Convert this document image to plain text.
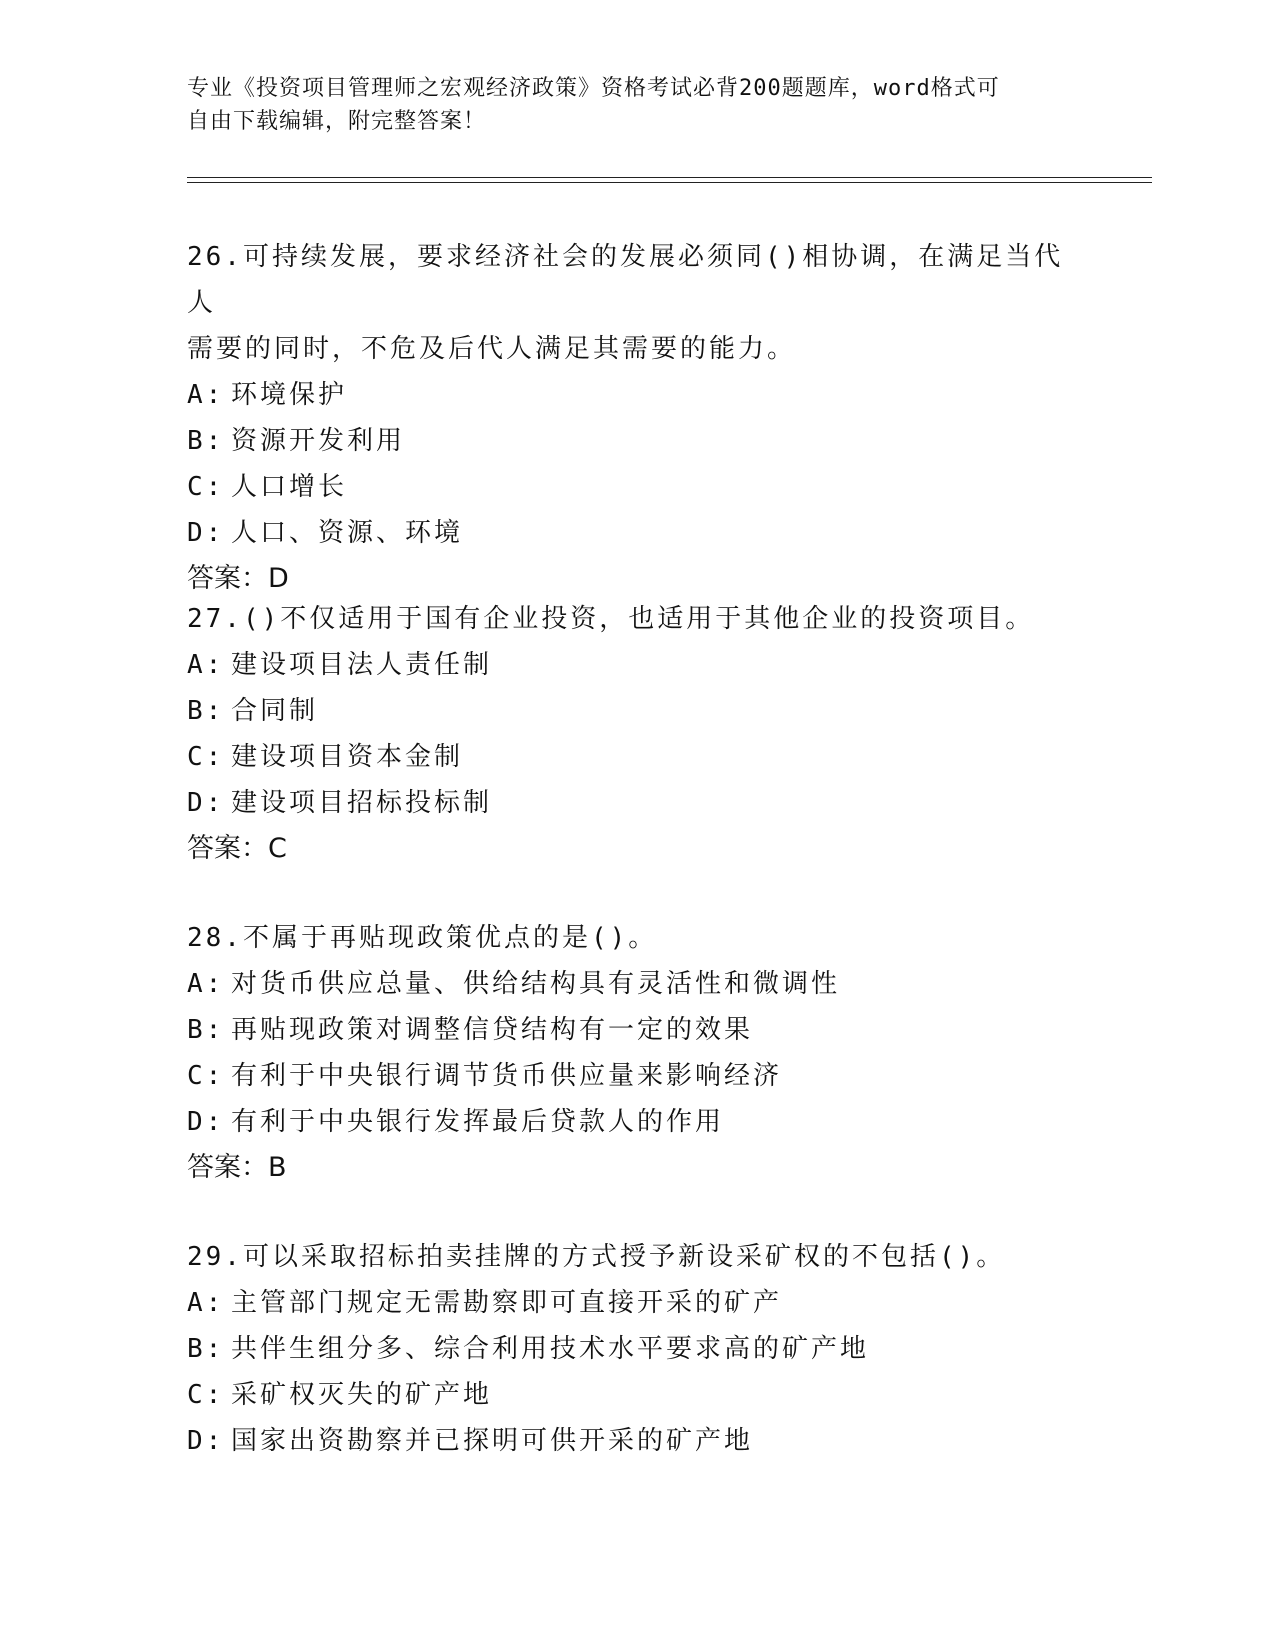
专业《投资项目管理师之宏观经济政策》资格考试必背200题题库，word格式可
自由下载编辑，附完整答案！

26.可持续发展，要求经济社会的发展必须同()相协调，在满足当代人

需要的同时，不危及后代人满足其需要的能力。

A: 环境保护

B: 资源开发利用

C: 人口增长

D: 人口、资源、环境

答案：D

27.()不仅适用于国有企业投资，也适用于其他企业的投资项目。

A: 建设项目法人责任制

B: 合同制

C: 建设项目资本金制

D: 建设项目招标投标制

答案：C

28.不属于再贴现政策优点的是()。

A: 对货币供应总量、供给结构具有灵活性和微调性

B: 再贴现政策对调整信贷结构有一定的效果

C: 有利于中央银行调节货币供应量来影响经济

D: 有利于中央银行发挥最后贷款人的作用

答案：B

29.可以采取招标拍卖挂牌的方式授予新设采矿权的不包括()。

A: 主管部门规定无需勘察即可直接开采的矿产

B: 共伴生组分多、综合利用技术水平要求高的矿产地

C: 采矿权灭失的矿产地

D: 国家出资勘察并已探明可供开采的矿产地
